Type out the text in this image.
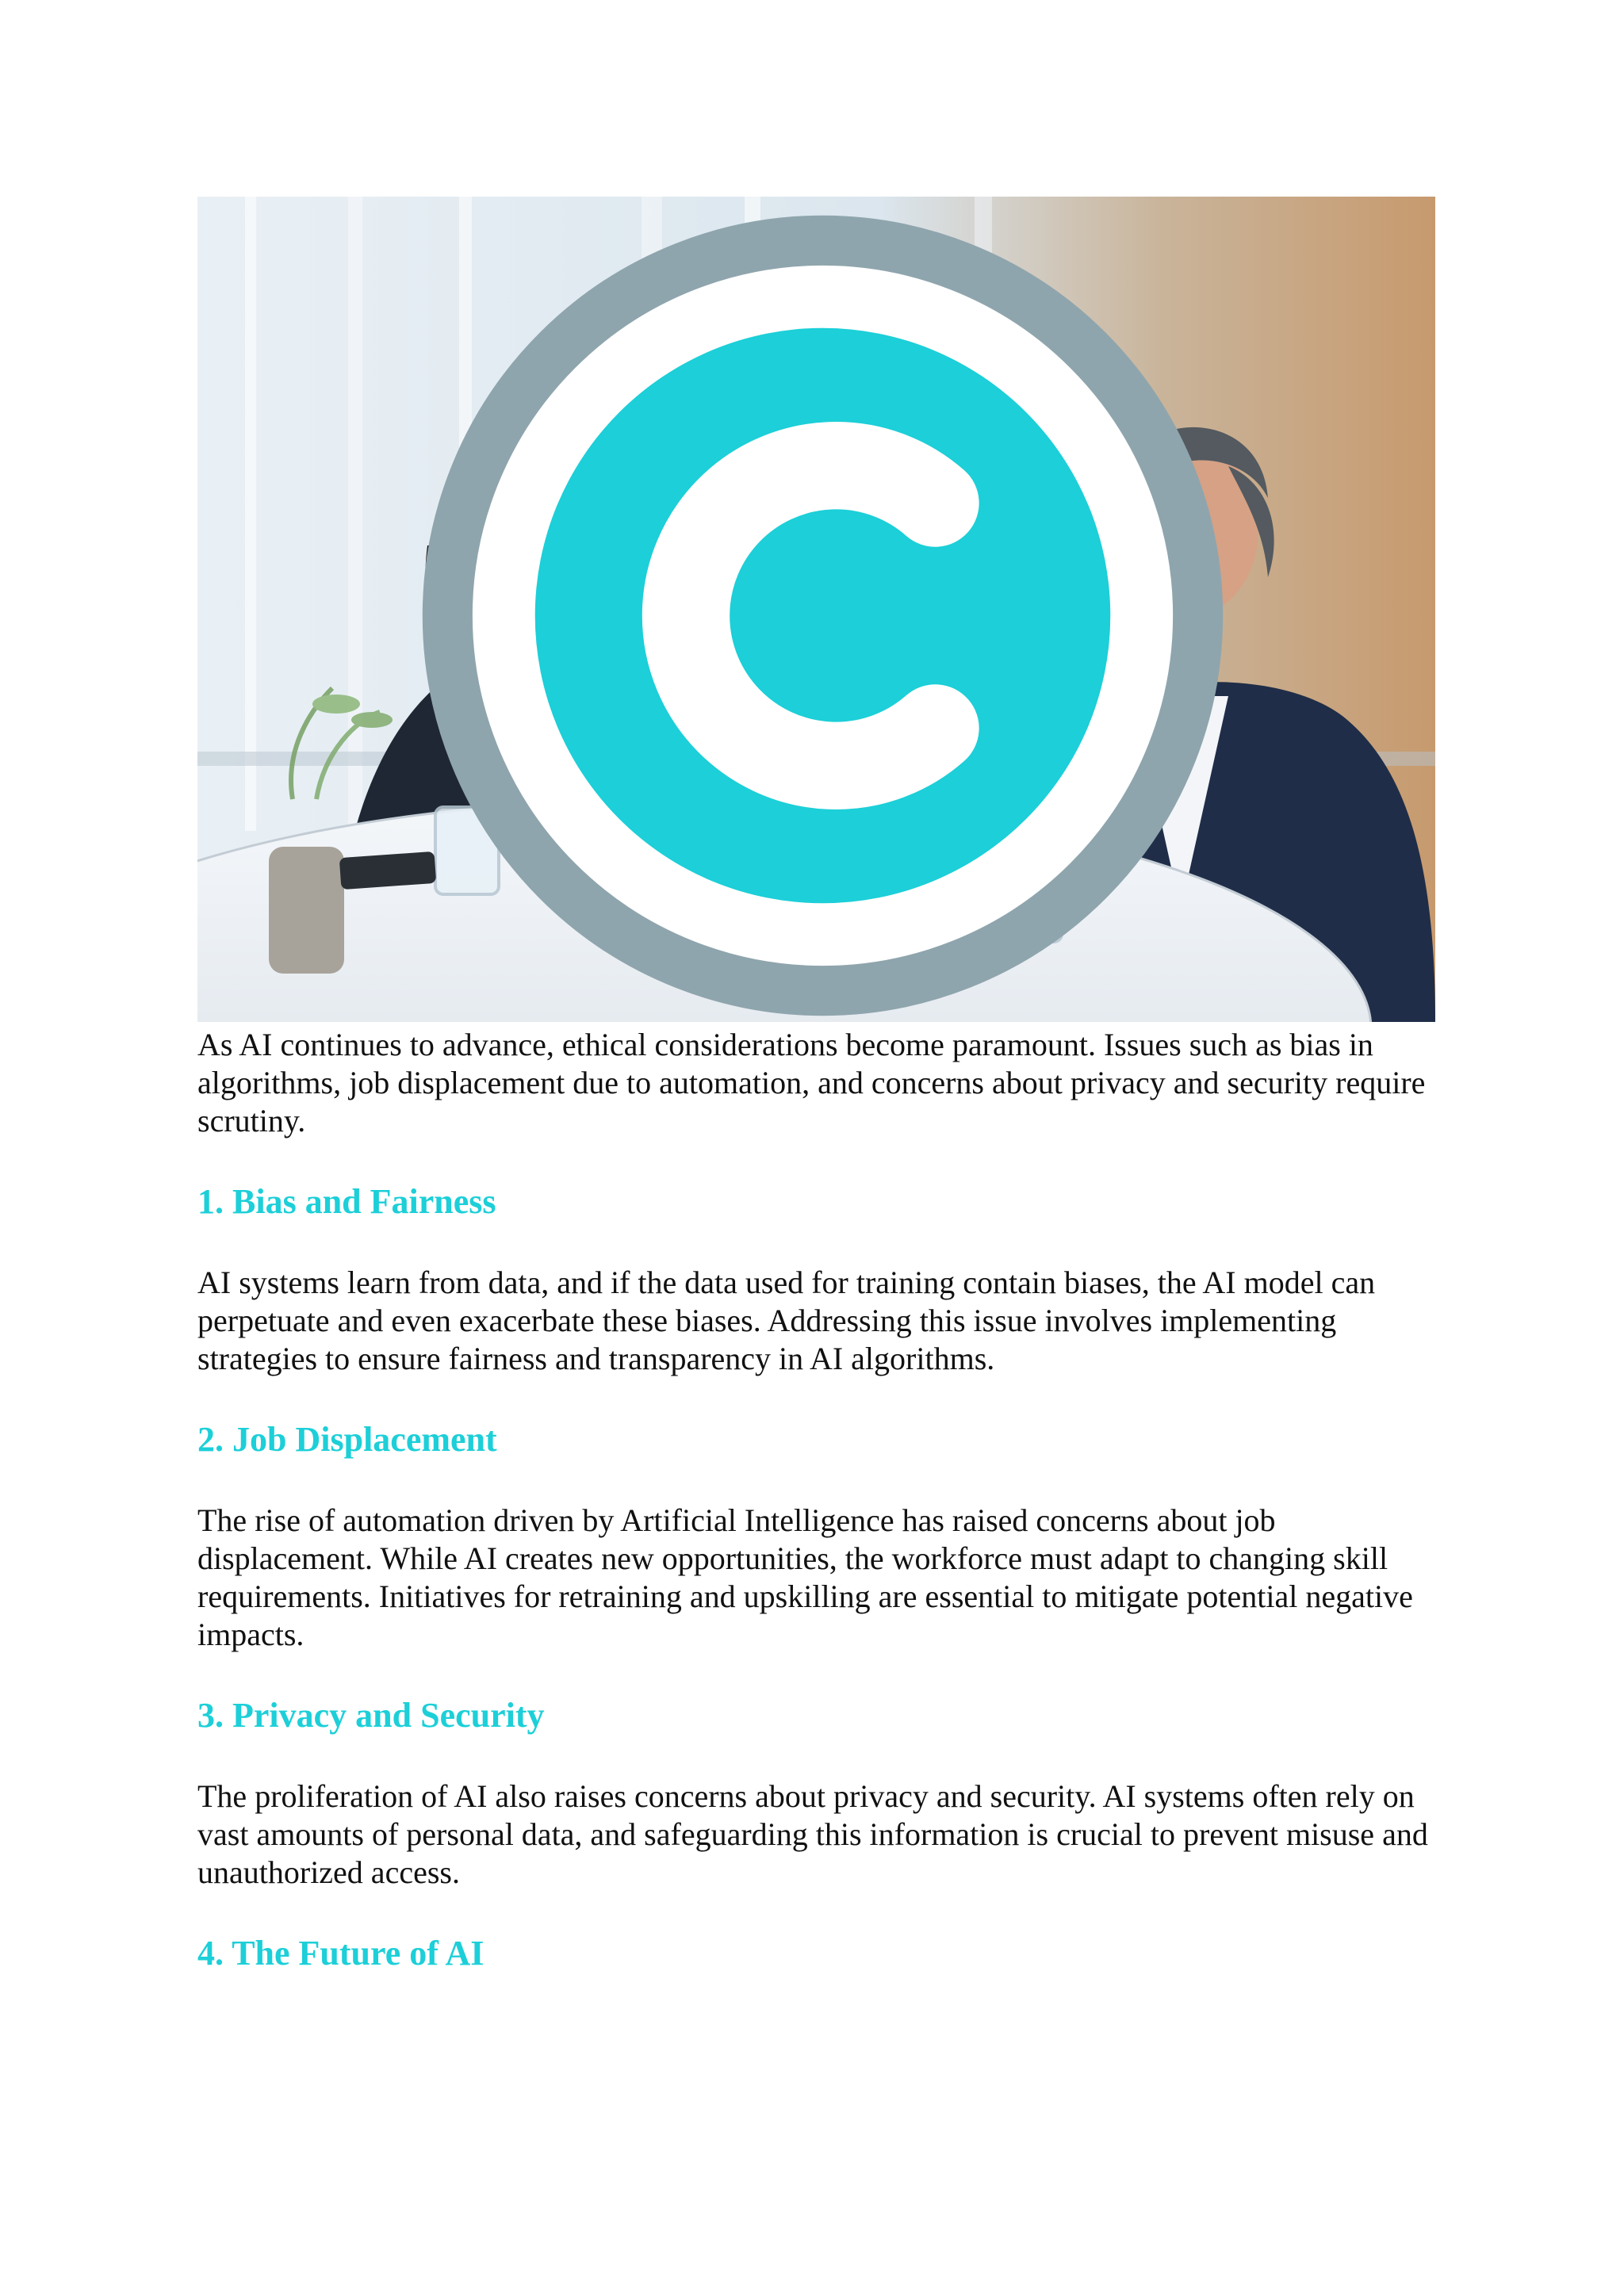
As AI continues to advance, ethical considerations become paramount. Issues such as bias in algorithms, job displacement due to automation, and concerns about privacy and security require scrutiny.

1. Bias and Fairness

AI systems learn from data, and if the data used for training contain biases, the AI model can perpetuate and even exacerbate these biases. Addressing this issue involves implementing strategies to ensure fairness and transparency in AI algorithms.

2. Job Displacement

The rise of automation driven by Artificial Intelligence has raised concerns about job displacement. While AI creates new opportunities, the workforce must adapt to changing skill requirements. Initiatives for retraining and upskilling are essential to mitigate potential negative impacts.

3. Privacy and Security

The proliferation of AI also raises concerns about privacy and security. AI systems often rely on vast amounts of personal data, and safeguarding this information is crucial to prevent misuse and unauthorized access.

4. The Future of AI
